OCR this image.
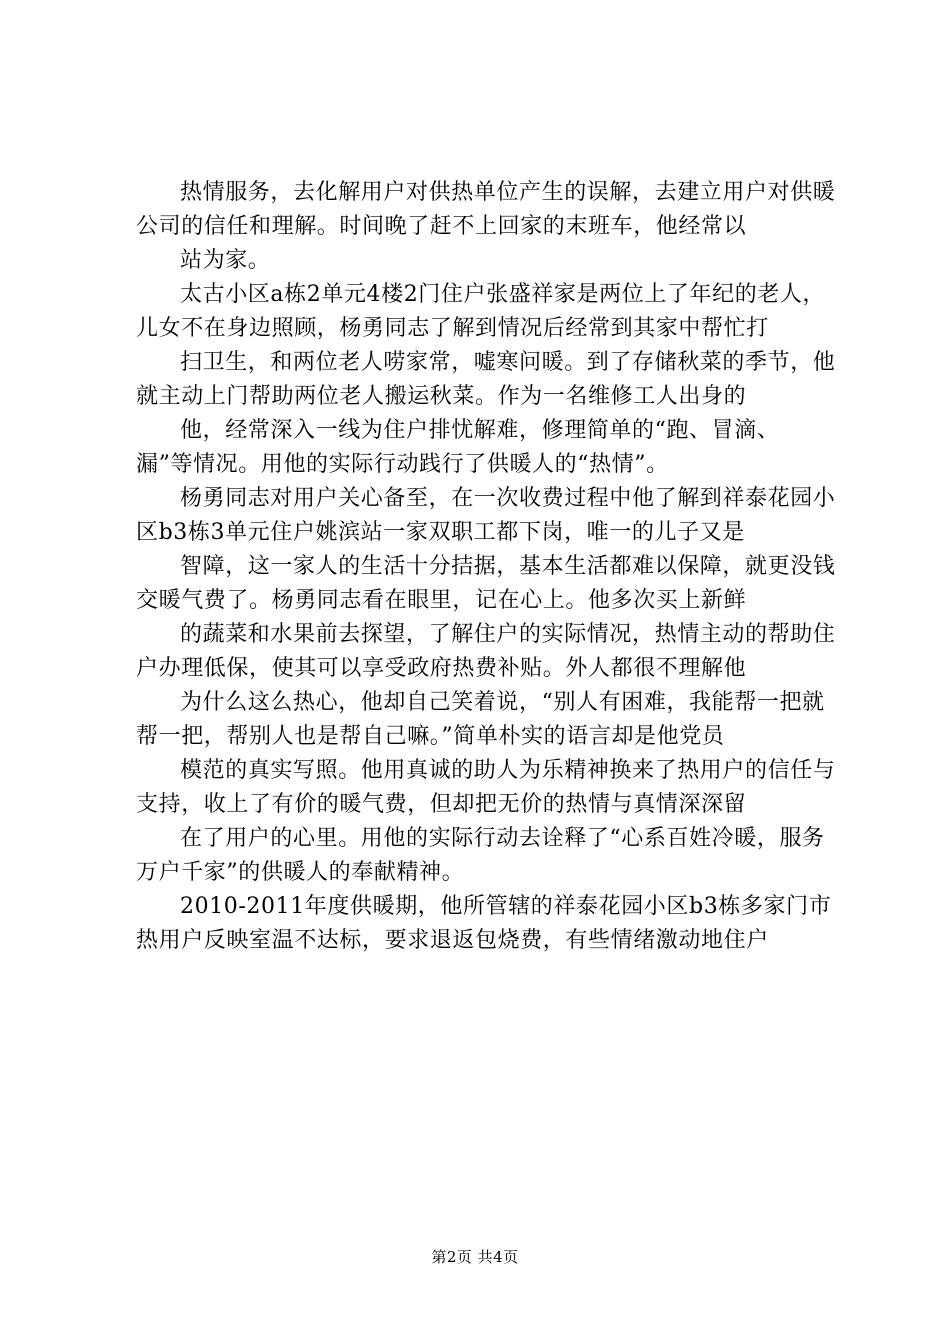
热情服务，去化解用户对供热单位产生的误解，去建立用户对供暖公司的信任和理解。时间晚了赶不上回家的末班车，他经常以

站为家。

太古小区a栋2单元4楼2门住户张盛祥家是两位上了年纪的老人，儿女不在身边照顾，杨勇同志了解到情况后经常到其家中帮忙打

扫卫生，和两位老人唠家常，嘘寒问暖。到了存储秋菜的季节，他就主动上门帮助两位老人搬运秋菜。作为一名维修工人出身的

他，经常深入一线为住户排忧解难，修理简单的“跑、冒滴、漏”等情况。用他的实际行动践行了供暖人的“热情”。

杨勇同志对用户关心备至，在一次收费过程中他了解到祥泰花园小区b3栋3单元住户姚滨站一家双职工都下岗，唯一的儿子又是

智障，这一家人的生活十分拮据，基本生活都难以保障，就更没钱交暖气费了。杨勇同志看在眼里，记在心上。他多次买上新鲜

的蔬菜和水果前去探望，了解住户的实际情况，热情主动的帮助住户办理低保，使其可以享受政府热费补贴。外人都很不理解他

为什么这么热心，他却自己笑着说，“别人有困难，我能帮一把就帮一把，帮别人也是帮自己嘛。”简单朴实的语言却是他党员

模范的真实写照。他用真诚的助人为乐精神换来了热用户的信任与支持，收上了有价的暖气费，但却把无价的热情与真情深深留

在了用户的心里。用他的实际行动去诠释了“心系百姓冷暖，服务万户千家”的供暖人的奉献精神。

2010-2011年度供暖期，他所管辖的祥泰花园小区b3栋多家门市热用户反映室温不达标，要求退返包烧费，有些情绪激动地住户

第2页 共4页
